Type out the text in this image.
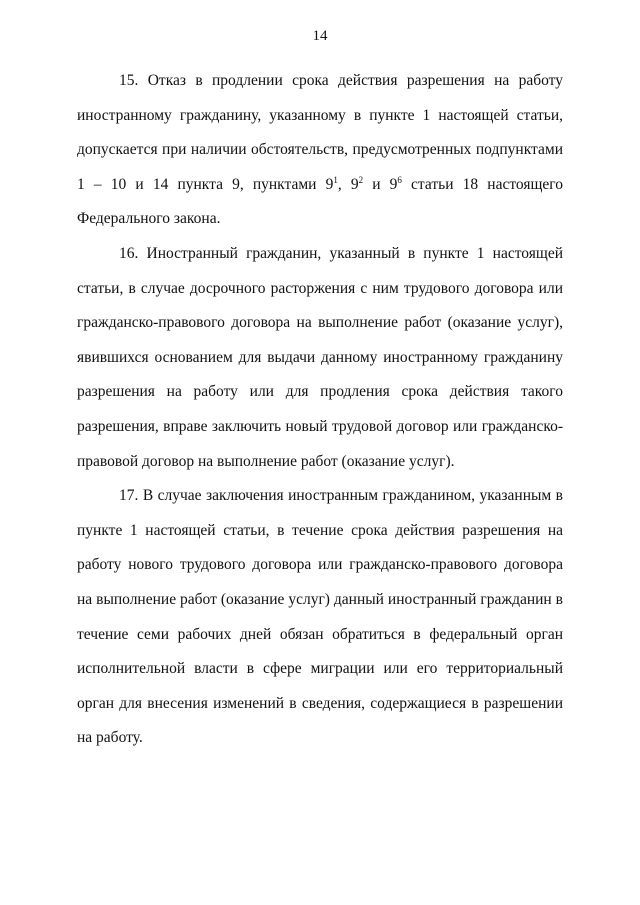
14

15. Отказ в продлении срока действия разрешения на работу иностранному гражданину, указанному в пункте 1 настоящей статьи, допускается при наличии обстоятельств, предусмотренных подпунктами 1 – 10 и 14 пункта 9, пунктами $9^1$, $9^2$ и $9^6$ статьи 18 настоящего Федерального закона.

16. Иностранный гражданин, указанный в пункте 1 настоящей статьи, в случае досрочного расторжения с ним трудового договора или гражданско-правового договора на выполнение работ (оказание услуг), явившихся основанием для выдачи данному иностранному гражданину разрешения на работу или для продления срока действия такого разрешения, вправе заключить новый трудовой договор или гражданско-правовой договор на выполнение работ (оказание услуг).

17. В случае заключения иностранным гражданином, указанным в пункте 1 настоящей статьи, в течение срока действия разрешения на работу нового трудового договора или гражданско-правового договора на выполнение работ (оказание услуг) данный иностранный гражданин в течение семи рабочих дней обязан обратиться в федеральный орган исполнительной власти в сфере миграции или его территориальный орган для внесения изменений в сведения, содержащиеся в разрешении на работу.
